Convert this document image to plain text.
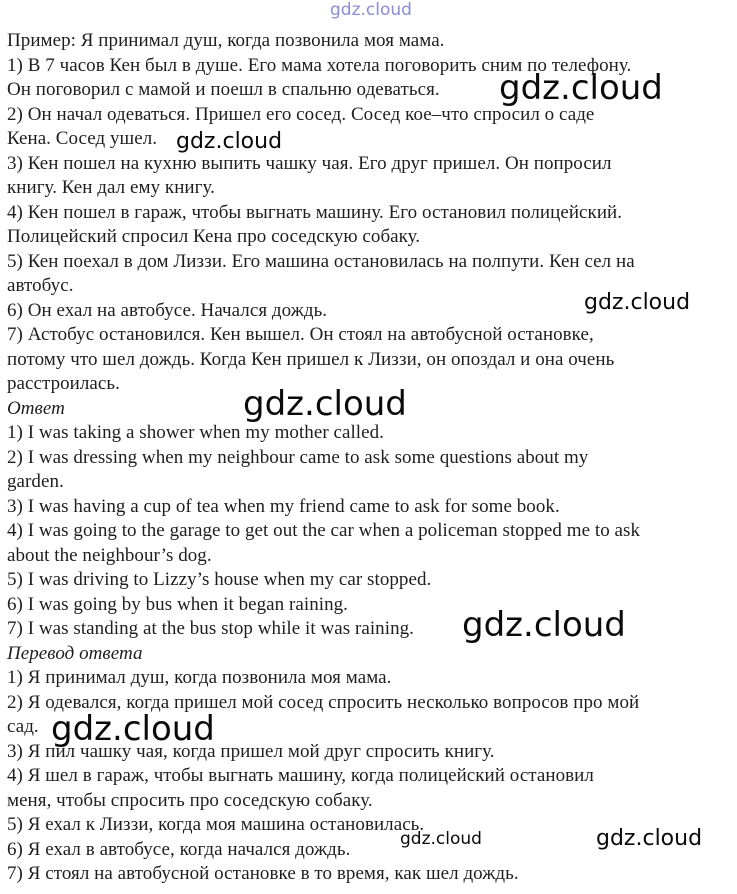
Пример: Я принимал душ, когда позвонила моя мама.
1) В 7 часов Кен был в душе. Его мама хотела поговорить сним по телефону.
Он поговорил с мамой и поешл в спальню одеваться.
2) Он начал одеваться. Пришел его сосед. Сосед кое–что спросил о саде
Кена. Сосед ушел.
3) Кен пошел на кухню выпить чашку чая. Его друг пришел. Он попросил
книгу. Кен дал ему книгу.
4) Кен пошел в гараж, чтобы выгнать машину. Его остановил полицейский.
Полицейский спросил Кена про соседскую собаку.
5) Кен поехал в дом Лиззи. Его машина остановилась на полпути. Кен сел на
автобус.
6) Он ехал на автобусе. Начался дождь.
7) Астобус остановился. Кен вышел. Он стоял на автобусной остановке,
потому что шел дождь. Когда Кен пришел к Лиззи, он опоздал и она очень
расстроилась.
Ответ
1) I was taking a shower when my mother called.
2) I was dressing when my neighbour came to ask some questions about my
garden.
3) I was having a cup of tea when my friend came to ask for some book.
4) I was going to the garage to get out the car when a policeman stopped me to ask
about the neighbour’s dog.
5) I was driving to Lizzy’s house when my car stopped.
6) I was going by bus when it began raining.
7) I was standing at the bus stop while it was raining.
Перевод ответа
1) Я принимал душ, когда позвонила моя мама.
2) Я одевался, когда пришел мой сосед спросить несколько вопросов про мой
сад.
3) Я пил чашку чая, когда пришел мой друг спросить книгу.
4) Я шел в гараж, чтобы выгнать машину, когда полицейский остановил
меня, чтобы спросить про соседскую собаку.
5) Я ехал к Лиззи, когда моя машина остановилась.
6) Я ехал в автобусе, когда начался дождь.
7) Я стоял на автобусной остановке в то время, как шел дождь.
gdz.cloud
gdz.cloud
gdz.cloud
gdz.cloud
gdz.cloud
gdz.cloud
gdz.cloud
gdz.cloud	gdz.cloud
